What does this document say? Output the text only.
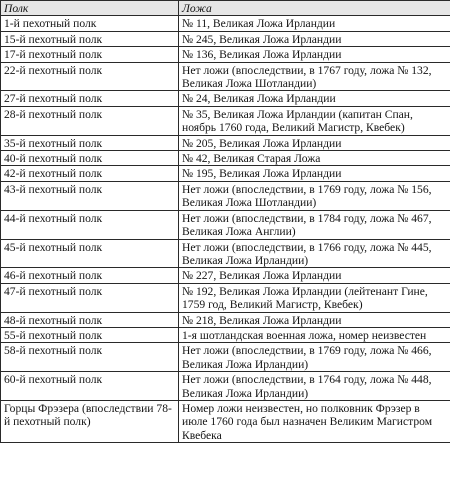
Полк	Ложа
1-й пехотный полк	№ 11, Великая Ложа Ирландии
15-й пехотный полк	№ 245, Великая Ложа Ирландии
17-й пехотный полк	№ 136, Великая Ложа Ирландии
22-й пехотный полк	Нет ложи (впоследствии, в 1767 году, ложа № 132, Великая Ложа Шотландии)
27-й пехотный полк	№ 24, Великая Ложа Ирландии
28-й пехотный полк	№ 35, Великая Ложа Ирландии (капитан Спан, ноябрь 1760 года, Великий Магистр, Квебек)
35-й пехотный полк	№ 205, Великая Ложа Ирландии
40-й пехотный полк	№ 42, Великая Старая Ложа
42-й пехотный полк	№ 195, Великая Ложа Ирландии
43-й пехотный полк	Нет ложи (впоследствии, в 1769 году, ложа № 156, Великая Ложа Шотландии)
44-й пехотный полк	Нет ложи (впоследствии, в 1784 году, ложа № 467, Великая Ложа Англии)
45-й пехотный полк	Нет ложи (впоследствии, в 1766 году, ложа № 445, Великая Ложа Ирландии)
46-й пехотный полк	№ 227, Великая Ложа Ирландии
47-й пехотный полк	№ 192, Великая Ложа Ирландии (лейтенант Гине, 1759 год, Великий Магистр, Квебек)
48-й пехотный полк	№ 218, Великая Ложа Ирландии
55-й пехотный полк	1-я шотландская военная ложа, номер неизвестен
58-й пехотный полк	Нет ложи (впоследствии, в 1769 году, ложа № 466, Великая Ложа Ирландии)
60-й пехотный полк	Нет ложи (впоследствии, в 1764 году, ложа № 448, Великая Ложа Ирландии)
Горцы Фрэзера (впоследствии 78-й пехотный полк)	Номер ложи неизвестен, но полковник Фрэзер в июле 1760 года был назначен Великим Магистром Квебека
